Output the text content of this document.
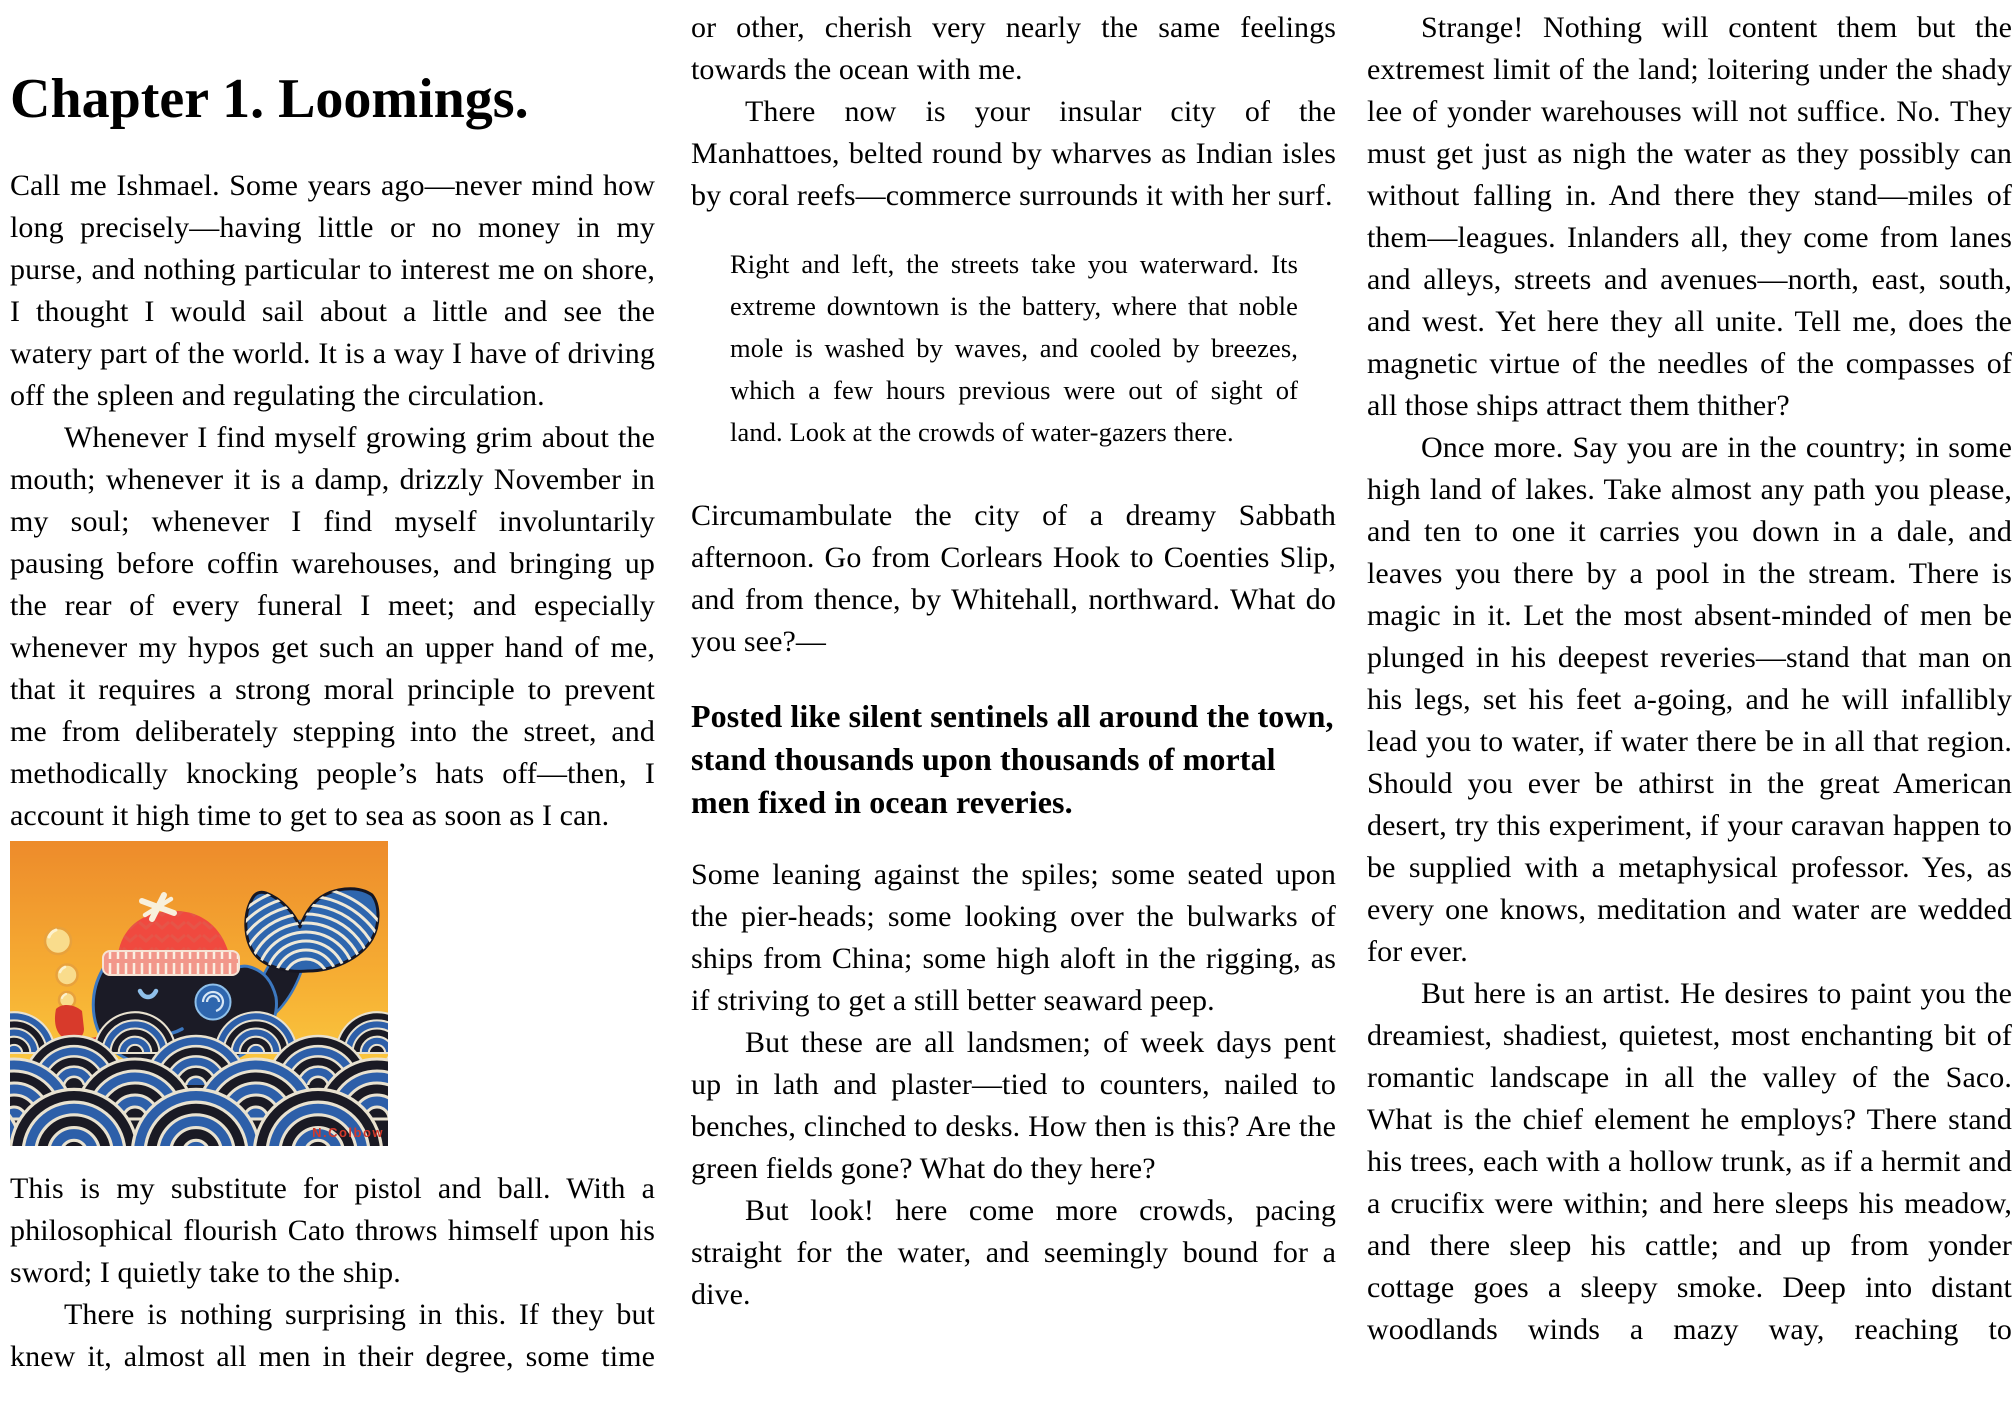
Chapter 1. Loomings.

Call me Ishmael. Some years ago—never mind how long precisely—having little or no money in my purse, and nothing particular to interest me on shore, I thought I would sail about a little and see the watery part of the world. It is a way I have of driving off the spleen and regulating the circulation.

Whenever I find myself growing grim about the mouth; whenever it is a damp, drizzly November in my soul; whenever I find myself involuntarily pausing before coffin warehouses, and bringing up the rear of every funeral I meet; and especially whenever my hypos get such an upper hand of me, that it requires a strong moral principle to prevent me from deliberately stepping into the street, and methodically knocking people’s hats off—then, I account it high time to get to sea as soon as I can.

N.Colbow

This is my substitute for pistol and ball. With a philosophical flourish Cato throws himself upon his sword; I quietly take to the ship.

There is nothing surprising in this. If they but knew it, almost all men in their degree, some time

or other, cherish very nearly the same feelings towards the ocean with me.

There now is your insular city of the Manhattoes, belted round by wharves as Indian isles by coral reefs—commerce surrounds it with her surf.

Right and left, the streets take you waterward. Its extreme downtown is the battery, where that noble mole is washed by waves, and cooled by breezes, which a few hours previous were out of sight of land. Look at the crowds of water-gazers there.

Circumambulate the city of a dreamy Sabbath afternoon. Go from Corlears Hook to Coenties Slip, and from thence, by Whitehall, northward. What do you see?—

Posted like silent sentinels all around the town, stand thousands upon thousands of mortal men fixed in ocean reveries.

Some leaning against the spiles; some seated upon the pier-heads; some looking over the bulwarks of ships from China; some high aloft in the rigging, as if striving to get a still better seaward peep.

But these are all landsmen; of week days pent up in lath and plaster—tied to counters, nailed to benches, clinched to desks. How then is this? Are the green fields gone? What do they here?

But look! here come more crowds, pacing straight for the water, and seemingly bound for a dive.

Strange! Nothing will content them but the extremest limit of the land; loitering under the shady lee of yonder warehouses will not suffice. No. They must get just as nigh the water as they possibly can without falling in. And there they stand—miles of them—leagues. Inlanders all, they come from lanes and alleys, streets and avenues—north, east, south, and west. Yet here they all unite. Tell me, does the magnetic virtue of the needles of the compasses of all those ships attract them thither?

Once more. Say you are in the country; in some high land of lakes. Take almost any path you please, and ten to one it carries you down in a dale, and leaves you there by a pool in the stream. There is magic in it. Let the most absent-minded of men be plunged in his deepest reveries—stand that man on his legs, set his feet a-going, and he will infallibly lead you to water, if water there be in all that region. Should you ever be athirst in the great American desert, try this experiment, if your caravan happen to be supplied with a metaphysical professor. Yes, as every one knows, meditation and water are wedded for ever.

But here is an artist. He desires to paint you the dreamiest, shadiest, quietest, most enchanting bit of romantic landscape in all the valley of the Saco. What is the chief element he employs? There stand his trees, each with a hollow trunk, as if a hermit and a crucifix were within; and here sleeps his meadow, and there sleep his cattle; and up from yonder cottage goes a sleepy smoke. Deep into distant woodlands winds a mazy way, reaching to
